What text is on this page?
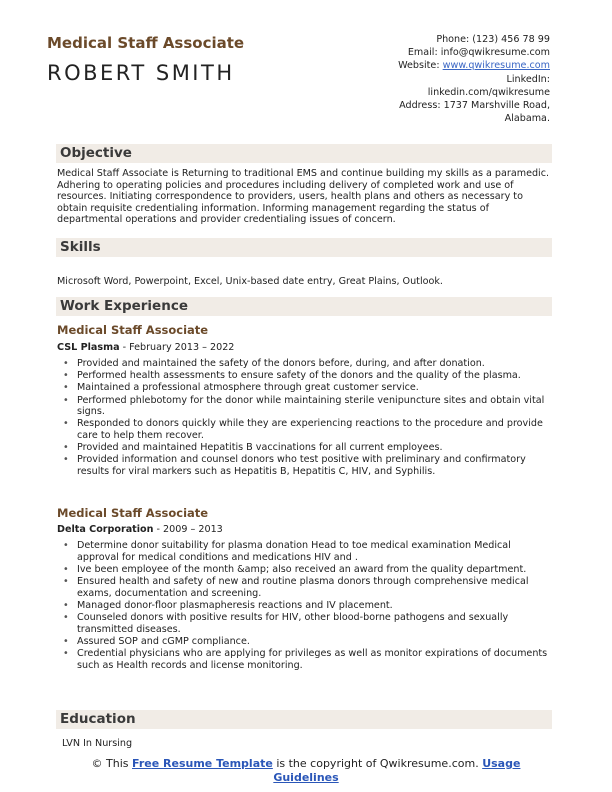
Medical Staff Associate
ROBERT SMITH
Phone: (123) 456 78 99
Email: info@qwikresume.com
Website: www.qwikresume.com
LinkedIn:
linkedin.com/qwikresume
Address: 1737 Marshville Road,
Alabama.
Objective
Medical Staff Associate is Returning to traditional EMS and continue building my skills as a paramedic. Adhering to operating policies and procedures including delivery of completed work and use of resources. Initiating correspondence to providers, users, health plans and others as necessary to obtain requisite credentialing information. Informing management regarding the status of departmental operations and provider credentialing issues of concern.
Skills
Microsoft Word, Powerpoint, Excel, Unix-based date entry, Great Plains, Outlook.
Work Experience
Medical Staff Associate
CSL Plasma - February 2013 – 2022
• Provided and maintained the safety of the donors before, during, and after donation.
• Performed health assessments to ensure safety of the donors and the quality of the plasma.
• Maintained a professional atmosphere through great customer service.
• Performed phlebotomy for the donor while maintaining sterile venipuncture sites and obtain vital signs.
• Responded to donors quickly while they are experiencing reactions to the procedure and provide care to help them recover.
• Provided and maintained Hepatitis B vaccinations for all current employees.
• Provided information and counsel donors who test positive with preliminary and confirmatory results for viral markers such as Hepatitis B, Hepatitis C, HIV, and Syphilis.
Medical Staff Associate
Delta Corporation - 2009 – 2013
• Determine donor suitability for plasma donation Head to toe medical examination Medical approval for medical conditions and medications HIV and .
• Ive been employee of the month &amp; also received an award from the quality department.
• Ensured health and safety of new and routine plasma donors through comprehensive medical exams, documentation and screening.
• Managed donor-floor plasmapheresis reactions and IV placement.
• Counseled donors with positive results for HIV, other blood-borne pathogens and sexually transmitted diseases.
• Assured SOP and cGMP compliance.
• Credential physicians who are applying for privileges as well as monitor expirations of documents such as Health records and license monitoring.
Education
LVN In Nursing
© This Free Resume Template is the copyright of Qwikresume.com. Usage
Guidelines
